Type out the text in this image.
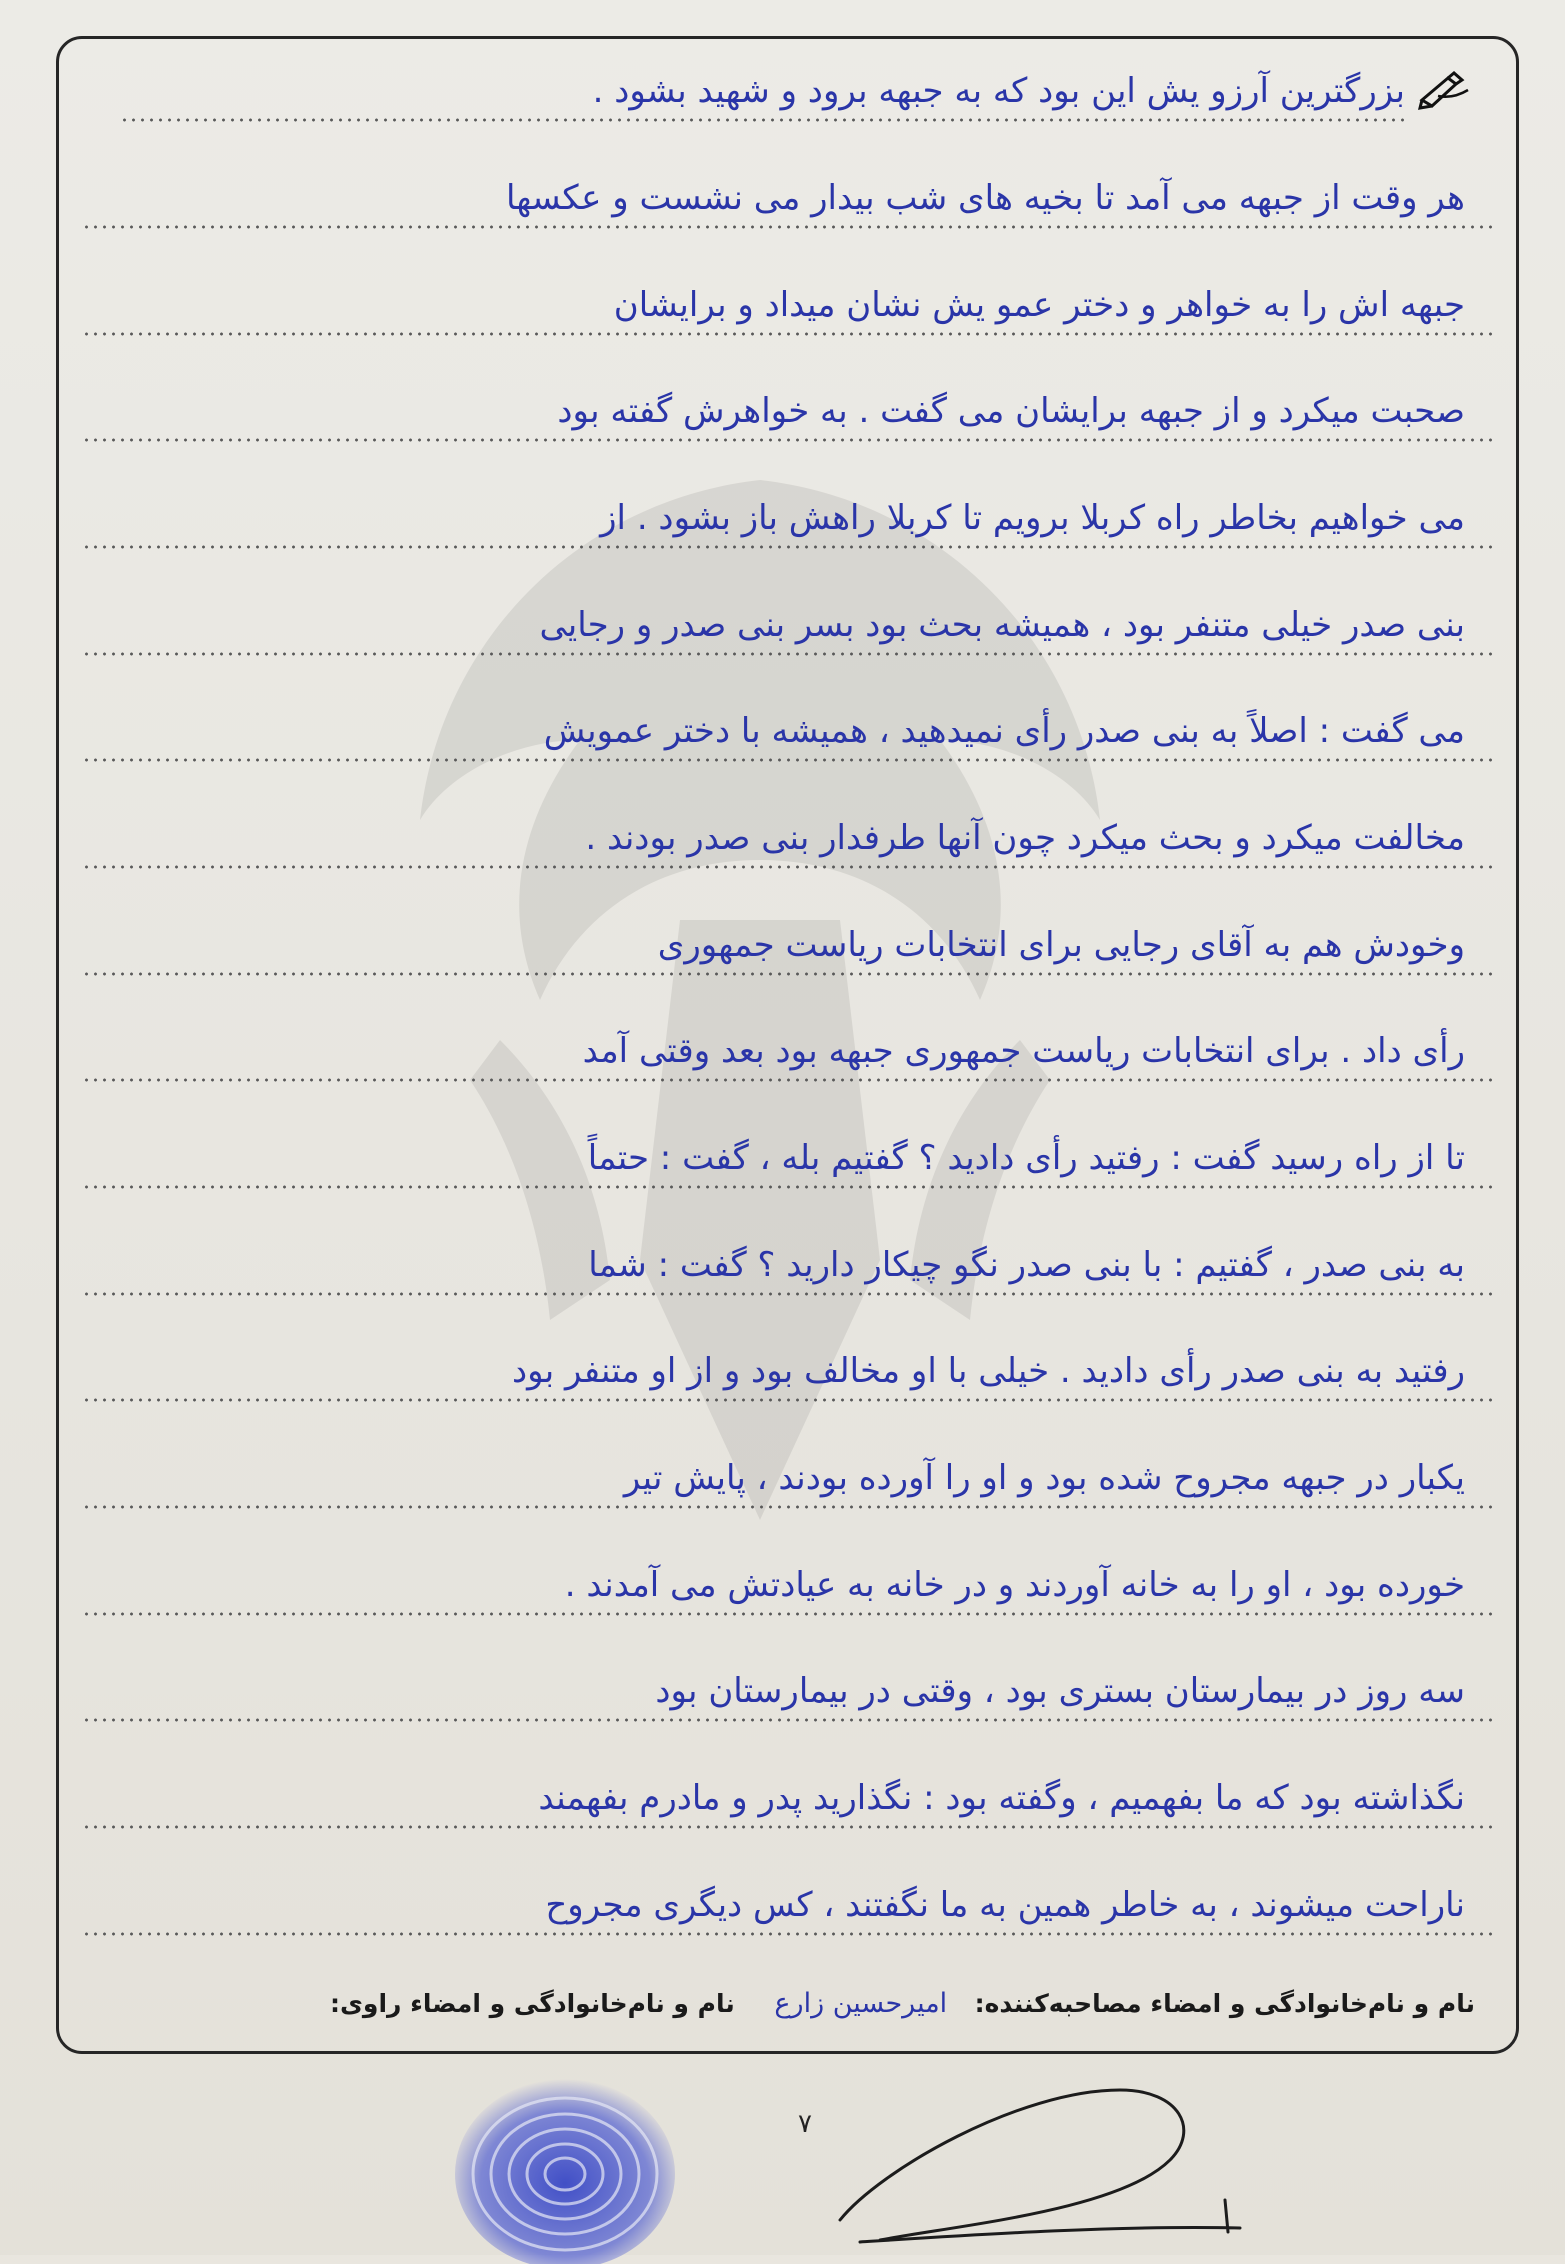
بزرگترین آرزو یش این بود که به جبهه برود و شهید بشود .
هر وقت از جبهه می آمد تا بخیه های شب بیدار می نشست و عکسها
جبهه اش را به خواهر و دختر عمو یش نشان میداد و برایشان
صحبت میکرد و از جبهه برایشان می گفت . به خواهرش گفته بود
می خواهیم بخاطر راه کربلا برویم تا کربلا راهش باز بشود . از
بنی صدر خیلی متنفر بود ، همیشه بحث بود بسر بنی صدر و رجایی
می گفت : اصلاً به بنی صدر رأی نمیدهید ، همیشه با دختر عمویش
مخالفت میکرد و بحث میکرد چون آنها طرفدار بنی صدر بودند .
وخودش هم به آقای رجایی برای انتخابات ریاست جمهوری
رأی داد . برای انتخابات ریاست جمهوری جبهه بود بعد وقتی آمد
تا از راه رسید گفت : رفتید رأی دادید ؟ گفتیم بله ، گفت : حتماً
به بنی صدر ، گفتیم : با بنی صدر نگو چیکار دارید ؟ گفت : شما
رفتید به بنی صدر رأی دادید . خیلی با او مخالف بود و از او متنفر بود
یکبار در جبهه مجروح شده بود و او را آورده بودند ، پایش تیر
خورده بود ، او را به خانه آوردند و در خانه به عیادتش می آمدند .
سه روز در بیمارستان بستری بود ، وقتی در بیمارستان بود
نگذاشته بود که ما بفهمیم ، وگفته بود : نگذارید پدر و مادرم بفهمند
ناراحت میشوند ، به خاطر همین به ما نگفتند ، کس دیگری مجروح
نام و نام‌خانوادگی و امضاء مصاحبه‌کننده:  امیرحسین زارع
نام و نام‌خانوادگی و امضاء راوی:
۷
